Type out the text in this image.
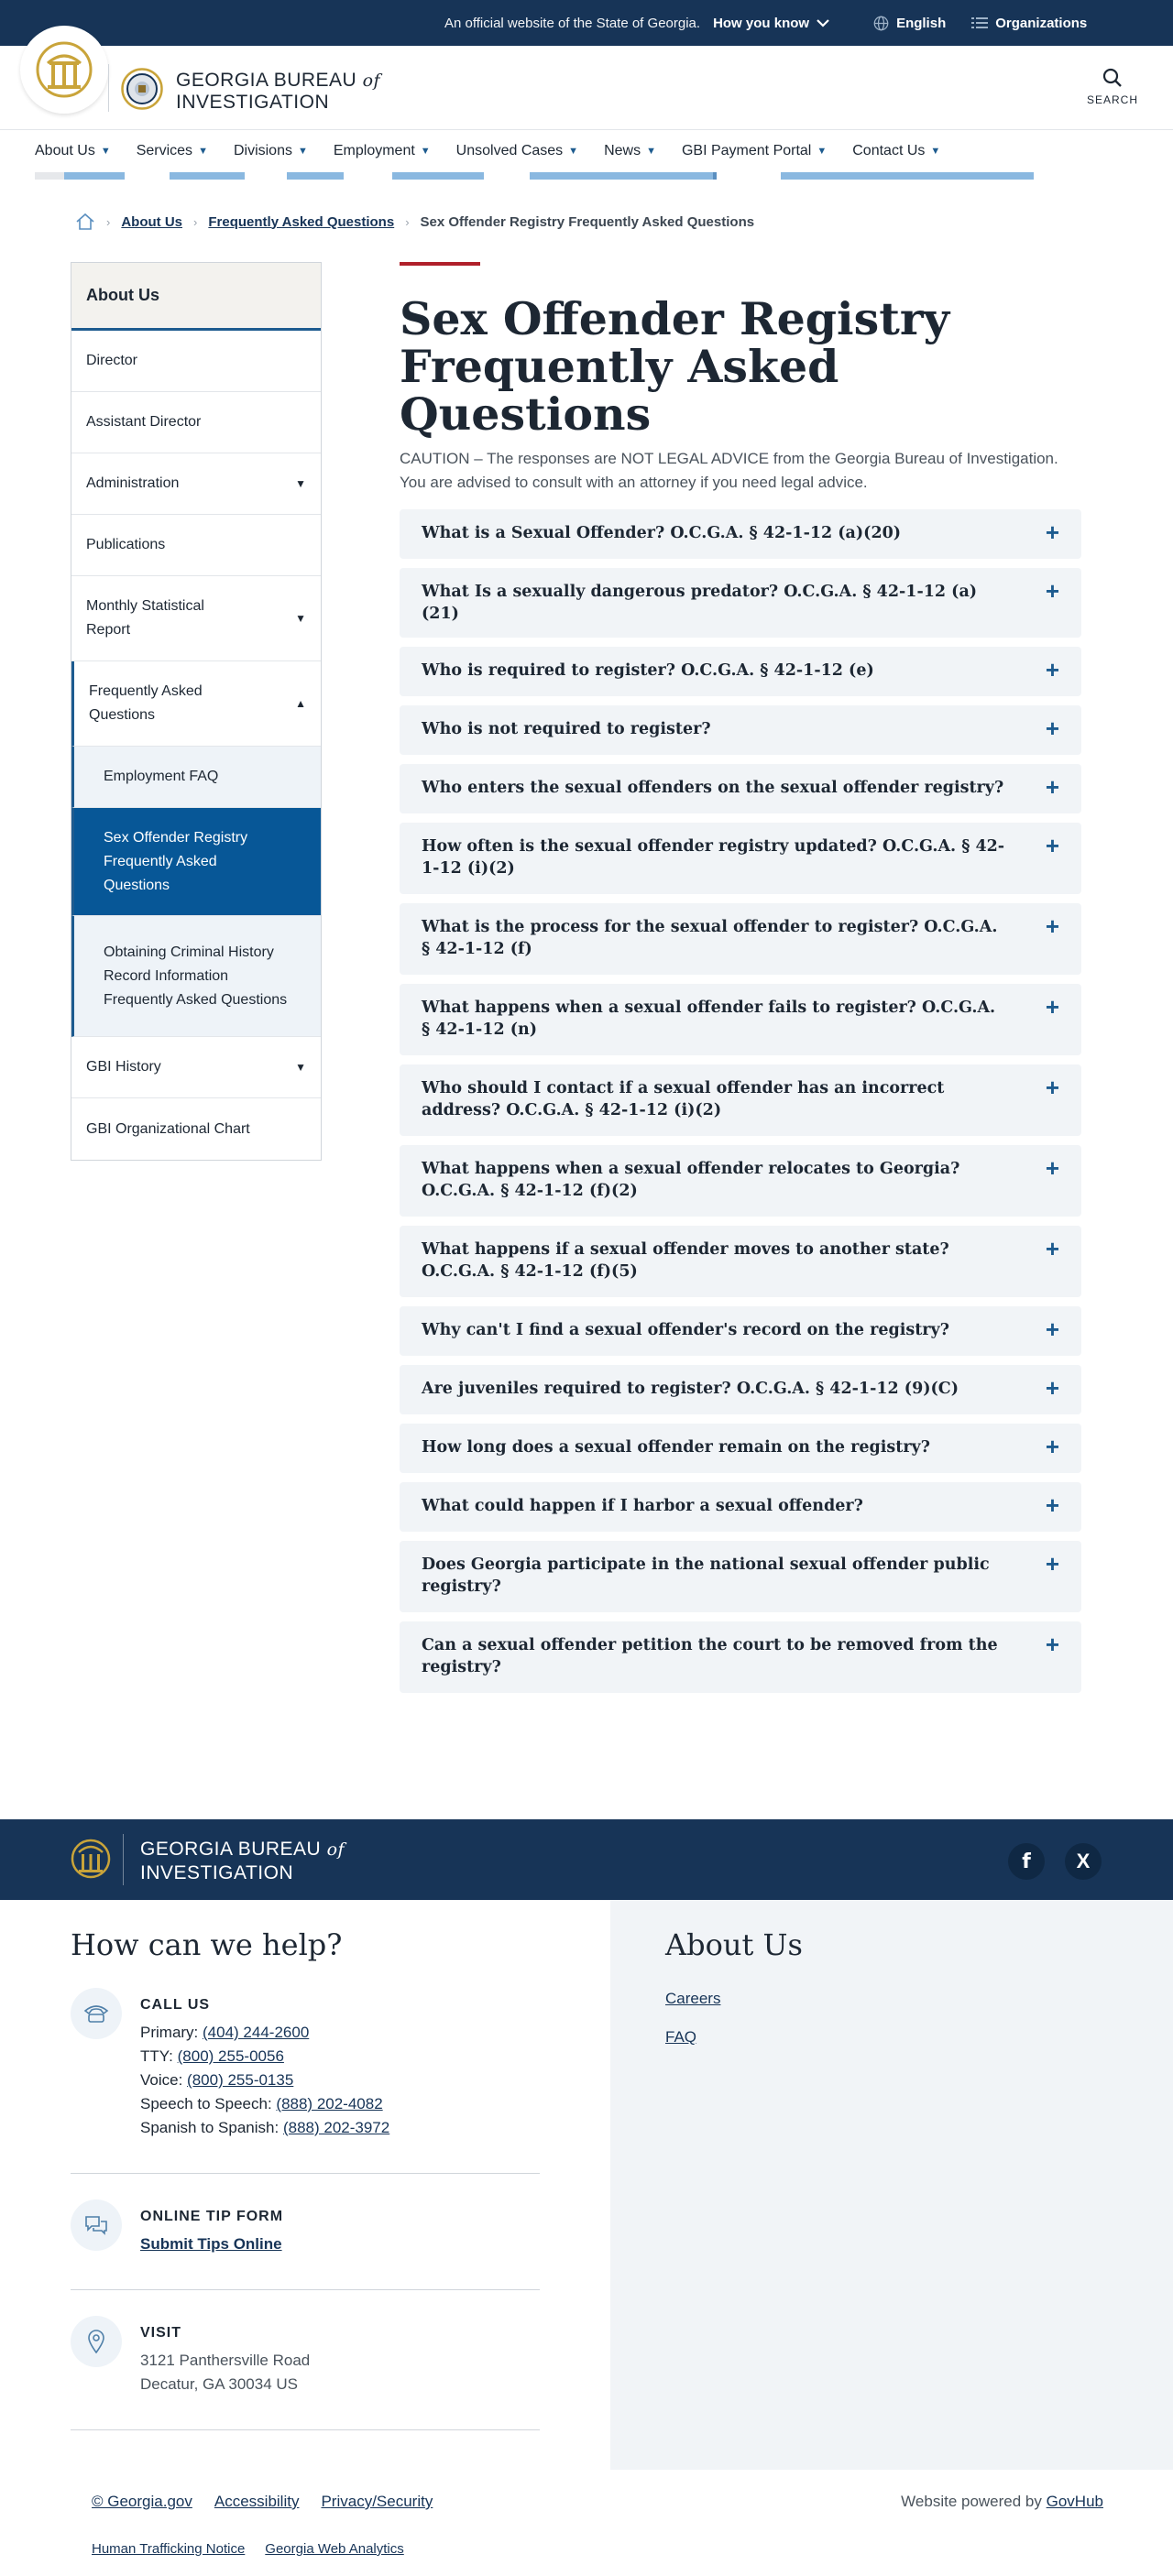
An official website of the State of Georgia. How you know	English	Organizations
GEORGIA BUREAU of
INVESTIGATION	SEARCH
About Us ▼ Services ▼ Divisions ▼ Employment ▼ Unsolved Cases ▼ News ▼ GBI Payment Portal ▼ Contact Us ▼
› About Us › Frequently Asked Questions › Sex Offender Registry Frequently Asked Questions
About Us
Director
Assistant Director
Administration	▼
Publications
Monthly Statistical Report
▼
Frequently Asked Questions
▲
Employment FAQ
Sex Offender Registry Frequently Asked Questions
Obtaining Criminal History Record Information Frequently Asked Questions
GBI History	▼
GBI Organizational Chart
Sex Offender Registry Frequently Asked Questions

CAUTION – The responses are NOT LEGAL ADVICE from the Georgia Bureau of Investigation. You are advised to consult with an attorney if you need legal advice.

What is a Sexual Offender? O.C.G.A. § 42-1-12 (a)(20)	+
What Is a sexually dangerous predator? O.C.G.A. § 42-1-12 (a)(21)
+
Who is required to register? O.C.G.A. § 42-1-12 (e)	+
Who is not required to register?	+
Who enters the sexual offenders on the sexual offender registry? +
How often is the sexual offender registry updated? O.C.G.A. § 42-1-12 (i)(2)
+
What is the process for the sexual offender to register? O.C.G.A. § 42-1-12 (f)
+
What happens when a sexual offender fails to register? O.C.G.A. § 42-1-12 (n)
+
Who should I contact if a sexual offender has an incorrect address? O.C.G.A. § 42-1-12 (i)(2)
+
What happens when a sexual offender relocates to Georgia? O.C.G.A. § 42-1-12 (f)(2)
+
What happens if a sexual offender moves to another state? O.C.G.A. § 42-1-12 (f)(5)
+
Why can't I find a sexual offender's record on the registry?	+
Are juveniles required to register? O.C.G.A. § 42-1-12 (9)(C)	+
How long does a sexual offender remain on the registry?	+
What could happen if I harbor a sexual offender?	+
Does Georgia participate in the national sexual offender public registry?
+
Can a sexual offender petition the court to be removed from the registry?
+
GEORGIA BUREAU of
INVESTIGATION	f X
How can we help?
CALL US
Primary: (404) 244-2600
TTY: (800) 255-0056
Voice: (800) 255-0135
Speech to Speech: (888) 202-4082
Spanish to Spanish: (888) 202-3972
ONLINE TIP FORM
Submit Tips Online
VISIT
3121 Panthersville Road
Decatur, GA 30034 US
About Us
Careers
FAQ
© Georgia.gov Accessibility Privacy/Security	Website powered by GovHub
Human Trafficking Notice Georgia Web Analytics
